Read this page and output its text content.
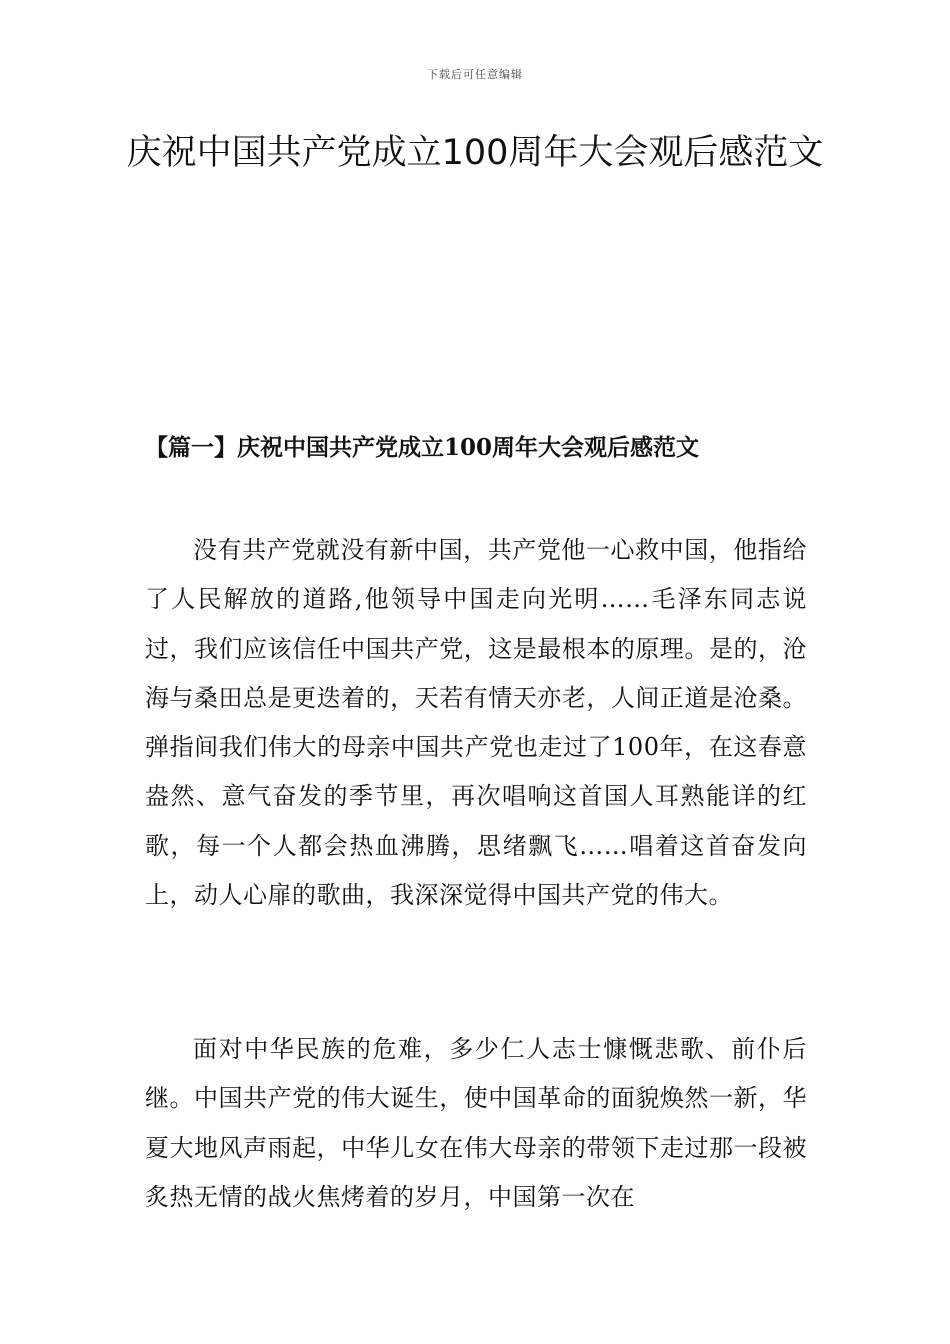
下载后可任意编辑
庆祝中国共产党成立100周年大会观后感范文
【篇一】庆祝中国共产党成立100周年大会观后感范文

没有共产党就没有新中国，共产党他一心救中国，他指给了人民解放的道路,他领导中国走向光明……毛泽东同志说过，我们应该信任中国共产党，这是最根本的原理。是的，沧海与桑田总是更迭着的，天若有情天亦老，人间正道是沧桑。弹指间我们伟大的母亲中国共产党也走过了100年，在这春意盎然、意气奋发的季节里，再次唱响这首国人耳熟能详的红歌，每一个人都会热血沸腾，思绪飘飞……唱着这首奋发向上，动人心扉的歌曲，我深深觉得中国共产党的伟大。

面对中华民族的危难，多少仁人志士慷慨悲歌、前仆后继。中国共产党的伟大诞生，使中国革命的面貌焕然一新，华夏大地风声雨起，中华儿女在伟大母亲的带领下走过那一段被炙热无情的战火焦烤着的岁月，中国第一次在
